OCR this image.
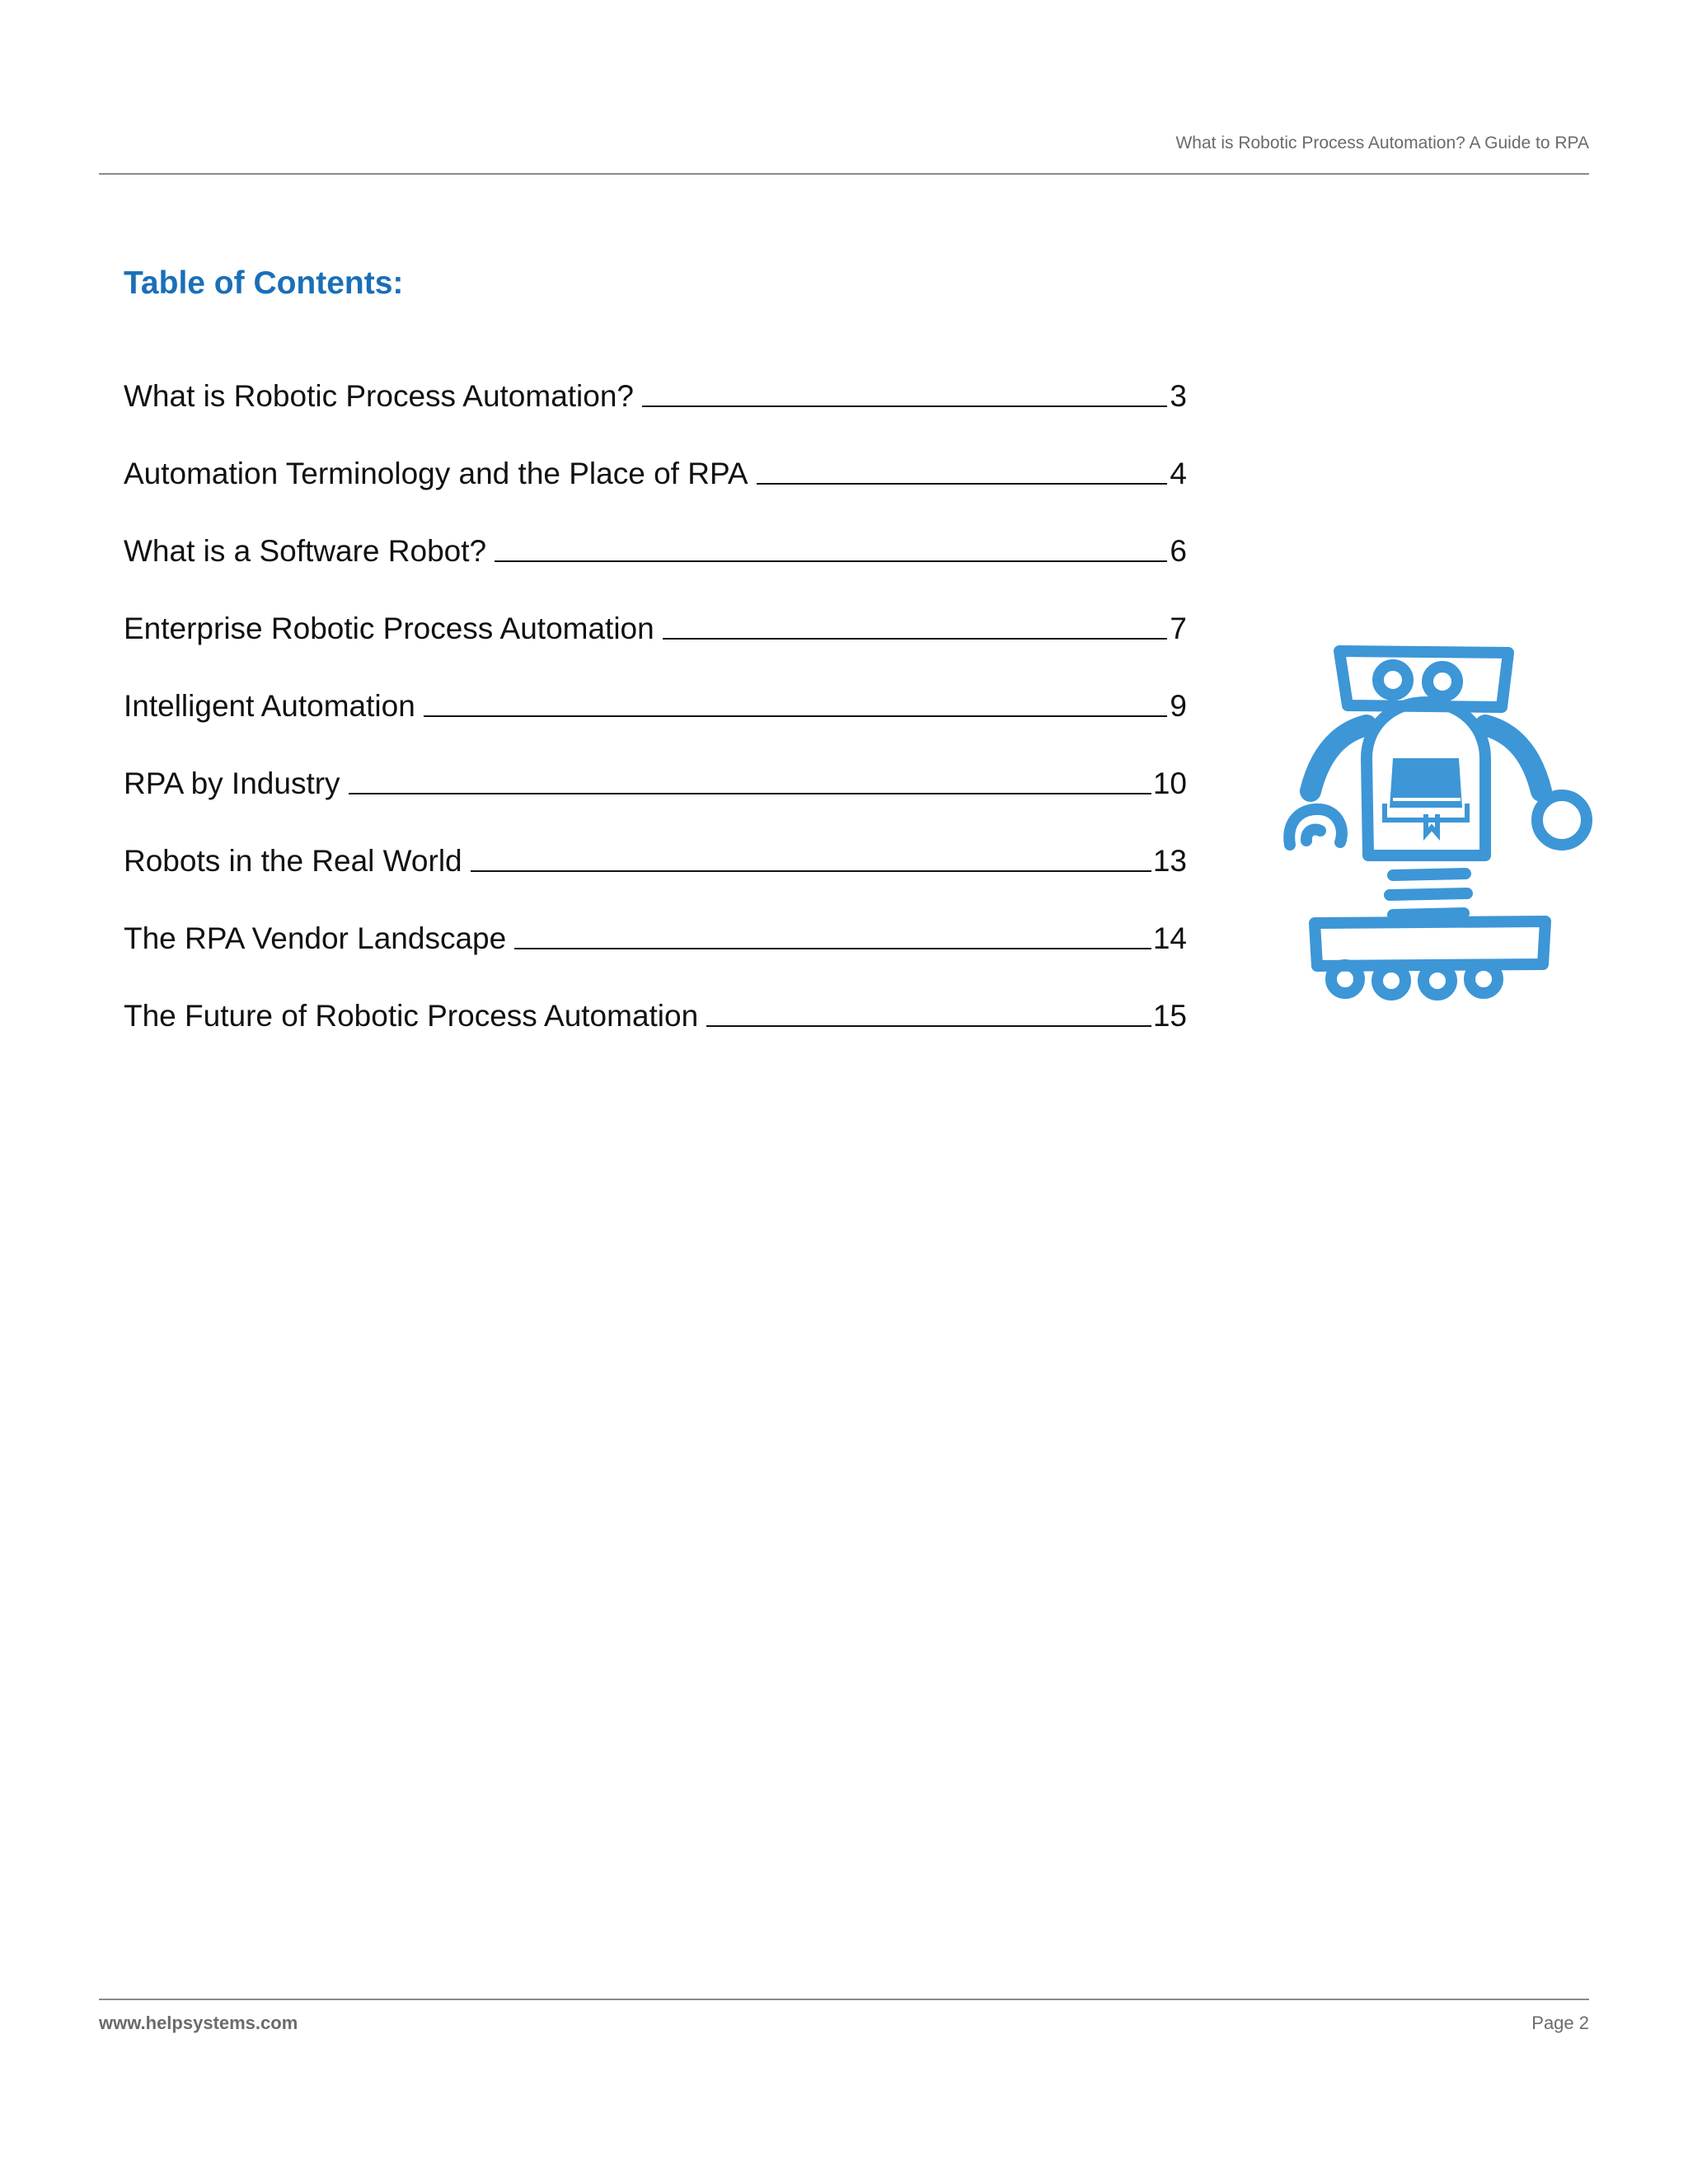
What is Robotic Process Automation? A Guide to RPA
Table of Contents:
What is Robotic Process Automation?	3
Automation Terminology and the Place of RPA	4
What is a Software Robot?	6
Enterprise Robotic Process Automation	7
Intelligent Automation	9
RPA by Industry	10
Robots in the Real World	13
The RPA Vendor Landscape	14
The Future of Robotic Process Automation	15
www.helpsystems.com	Page 2
